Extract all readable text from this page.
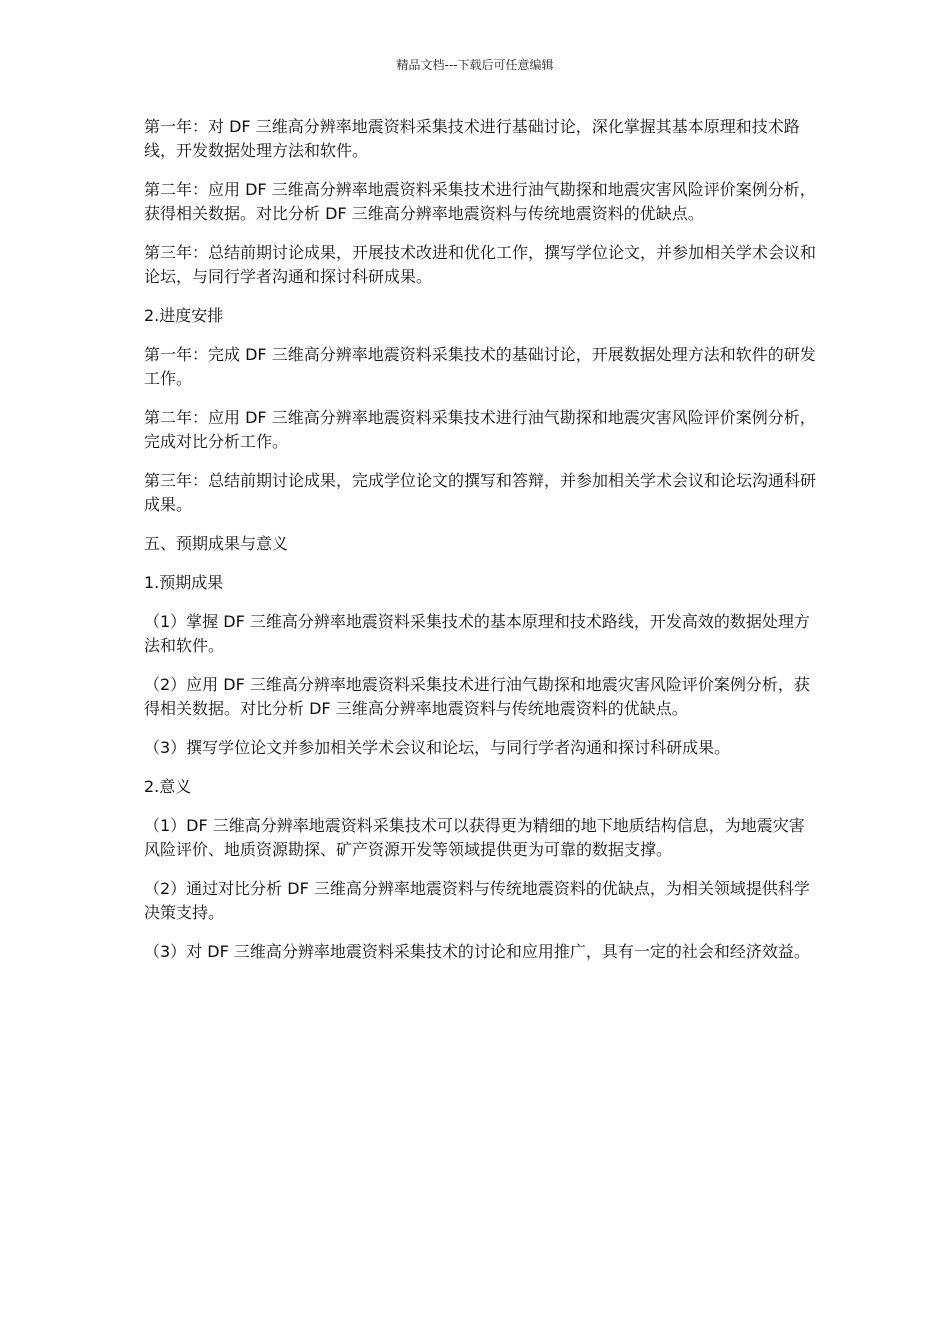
精品文档---下载后可任意编辑

第一年：对 DF 三维高分辨率地震资料采集技术进行基础讨论，深化掌握其基本原理和技术路线，开发数据处理方法和软件。

第二年：应用 DF 三维高分辨率地震资料采集技术进行油气勘探和地震灾害风险评价案例分析，获得相关数据。对比分析 DF 三维高分辨率地震资料与传统地震资料的优缺点。

第三年：总结前期讨论成果，开展技术改进和优化工作，撰写学位论文，并参加相关学术会议和论坛，与同行学者沟通和探讨科研成果。

2.进度安排

第一年：完成 DF 三维高分辨率地震资料采集技术的基础讨论，开展数据处理方法和软件的研发工作。

第二年：应用 DF 三维高分辨率地震资料采集技术进行油气勘探和地震灾害风险评价案例分析，完成对比分析工作。

第三年：总结前期讨论成果，完成学位论文的撰写和答辩，并参加相关学术会议和论坛沟通科研成果。

五、预期成果与意义

1.预期成果

（1）掌握 DF 三维高分辨率地震资料采集技术的基本原理和技术路线，开发高效的数据处理方法和软件。

（2）应用 DF 三维高分辨率地震资料采集技术进行油气勘探和地震灾害风险评价案例分析，获得相关数据。对比分析 DF 三维高分辨率地震资料与传统地震资料的优缺点。

（3）撰写学位论文并参加相关学术会议和论坛，与同行学者沟通和探讨科研成果。

2.意义

（1）DF 三维高分辨率地震资料采集技术可以获得更为精细的地下地质结构信息，为地震灾害风险评价、地质资源勘探、矿产资源开发等领域提供更为可靠的数据支撑。

（2）通过对比分析 DF 三维高分辨率地震资料与传统地震资料的优缺点，为相关领域提供科学决策支持。

（3）对 DF 三维高分辨率地震资料采集技术的讨论和应用推广，具有一定的社会和经济效益。
